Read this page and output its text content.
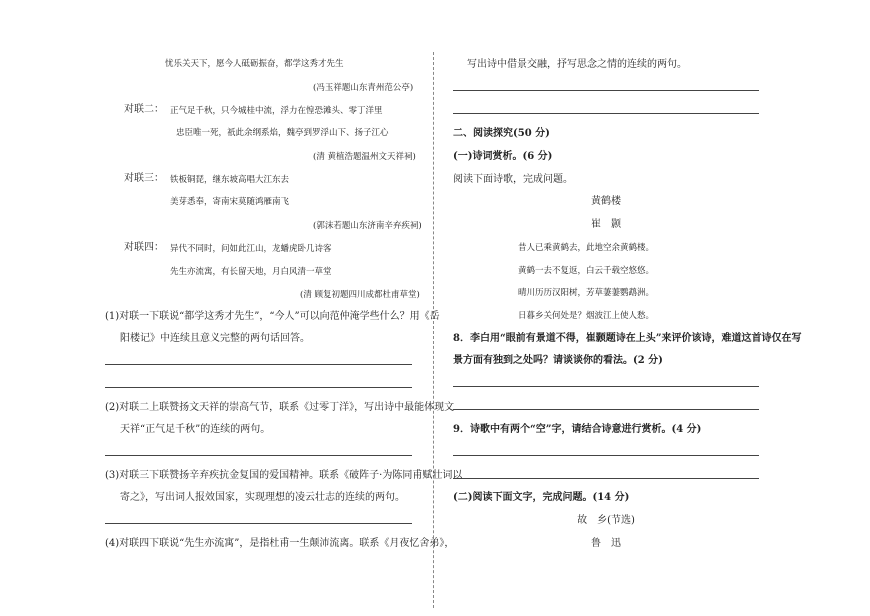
忧乐关天下，愿今人砥砺振奋，都学这秀才先生
(冯玉祥题山东青州范公亭)
对联二： 正气足千秋，只今城桂中流，浮力在惶恐滩头、零丁洋里
忠臣唯一死，祇此余纲系焰，魏亭到罗浮山下、扬子江心
(清 黄植浩题温州文天祥祠)
对联三： 铁板铜琵，继东坡高唱大江东去
美芽悉奉，寄南宋莫随鸿雁南飞
(郭沫若题山东济南辛弃疾祠)
对联四： 异代不同时，问如此江山，龙蟠虎卧几诗客
先生亦流寓，有长留天地，月白风清一草堂
(清 顾复初题四川成都杜甫草堂)
(1)对联一下联说“都学这秀才先生”，“今人”可以向范仲淹学些什么？用《岳
阳楼记》中连续且意义完整的两句话回答。
(2)对联二上联赞扬文天祥的崇高气节，联系《过零丁洋》，写出诗中最能体现文
天祥“正气足千秋”的连续的两句。
(3)对联三下联赞扬辛弃疾抗金复国的爱国精神。联系《破阵子·为陈同甫赋壮词以
寄之》，写出词人报效国家，实现理想的凌云壮志的连续的两句。
(4)对联四下联说“先生亦流寓”，是指杜甫一生颠沛流离。联系《月夜忆舍弟》，
写出诗中借景交融，抒写思念之情的连续的两句。
二、阅读探究(50 分)
(一)诗词赏析。(6 分)
阅读下面诗歌，完成问题。
黄鹤楼
崔　颢
昔人已乘黄鹤去，此地空余黄鹤楼。
黄鹤一去不复返，白云千载空悠悠。
晴川历历汉阳树，芳草萋萋鹦鹉洲。
日暮乡关何处是？烟波江上使人愁。
8．李白用“眼前有景道不得，崔颢题诗在上头”来评价该诗，难道这首诗仅在写
景方面有独到之处吗？请谈谈你的看法。(2 分)
9．诗歌中有两个“空”字，请结合诗意进行赏析。(4 分)
(二)阅读下面文字，完成问题。(14 分)
故　乡(节选)
鲁　迅
